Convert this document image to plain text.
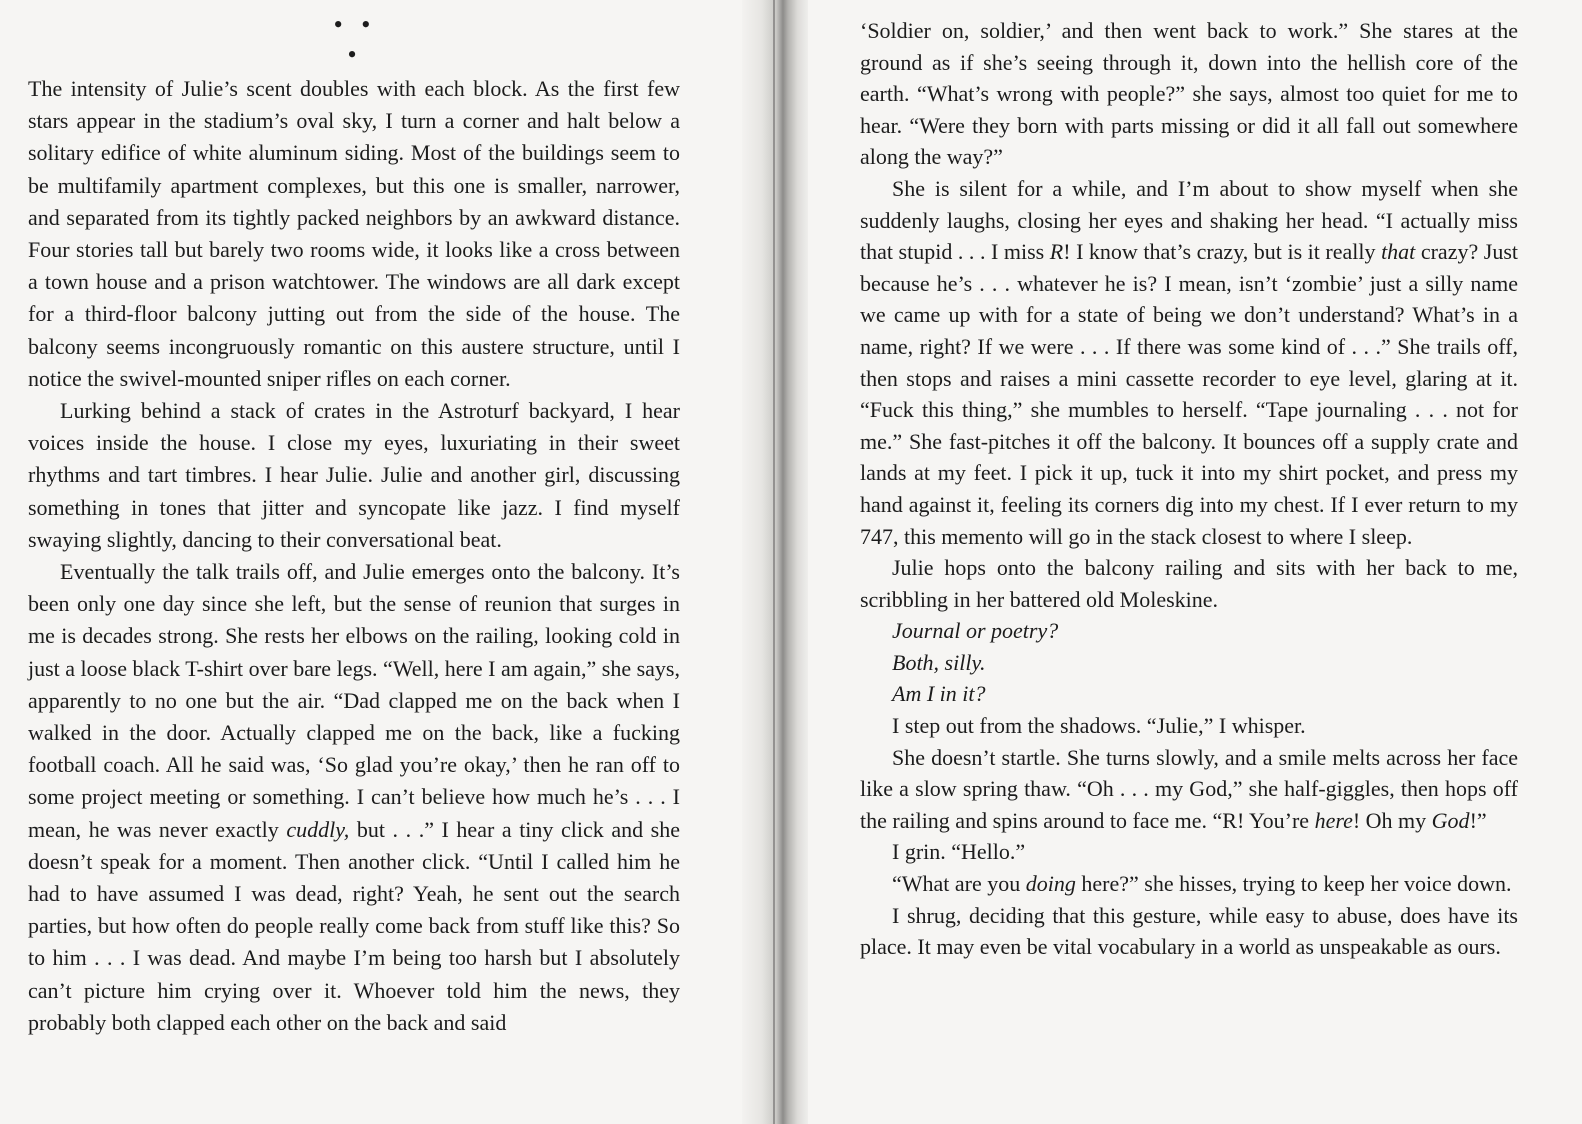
• • •

The intensity of Julie’s scent doubles with each block. As the first few stars appear in the stadium’s oval sky, I turn a corner and halt below a solitary edifice of white aluminum siding. Most of the buildings seem to be multifamily apartment complexes, but this one is smaller, narrower, and separated from its tightly packed neighbors by an awkward distance. Four stories tall but barely two rooms wide, it looks like a cross between a town house and a prison watchtower. The windows are all dark except for a third-floor balcony jutting out from the side of the house. The balcony seems incongruously romantic on this austere structure, until I notice the swivel-mounted sniper rifles on each corner.

Lurking behind a stack of crates in the Astroturf backyard, I hear voices inside the house. I close my eyes, luxuriating in their sweet rhythms and tart timbres. I hear Julie. Julie and another girl, discussing something in tones that jitter and syncopate like jazz. I find myself swaying slightly, dancing to their conversational beat.

Eventually the talk trails off, and Julie emerges onto the balcony. It’s been only one day since she left, but the sense of reunion that surges in me is decades strong. She rests her elbows on the railing, looking cold in just a loose black T-shirt over bare legs. “Well, here I am again,” she says, apparently to no one but the air. “Dad clapped me on the back when I walked in the door. Actually clapped me on the back, like a fucking football coach. All he said was, ‘So glad you’re okay,’ then he ran off to some project meeting or something. I can’t believe how much he’s . . . I mean, he was never exactly cuddly, but . . .” I hear a tiny click and she doesn’t speak for a moment. Then another click. “Until I called him he had to have assumed I was dead, right? Yeah, he sent out the search parties, but how often do people really come back from stuff like this? So to him . . . I was dead. And maybe I’m being too harsh but I absolutely can’t picture him crying over it. Whoever told him the news, they probably both clapped each other on the back and said

‘Soldier on, soldier,’ and then went back to work.” She stares at the ground as if she’s seeing through it, down into the hellish core of the earth. “What’s wrong with people?” she says, almost too quiet for me to hear. “Were they born with parts missing or did it all fall out somewhere along the way?”

She is silent for a while, and I’m about to show myself when she suddenly laughs, closing her eyes and shaking her head. “I actually miss that stupid . . . I miss R! I know that’s crazy, but is it really that crazy? Just because he’s . . . whatever he is? I mean, isn’t ‘zombie’ just a silly name we came up with for a state of being we don’t understand? What’s in a name, right? If we were . . . If there was some kind of . . .” She trails off, then stops and raises a mini cassette recorder to eye level, glaring at it. “Fuck this thing,” she mumbles to herself. “Tape journaling . . . not for me.” She fast-pitches it off the balcony. It bounces off a supply crate and lands at my feet. I pick it up, tuck it into my shirt pocket, and press my hand against it, feeling its corners dig into my chest. If I ever return to my 747, this memento will go in the stack closest to where I sleep.

Julie hops onto the balcony railing and sits with her back to me, scribbling in her battered old Moleskine.

Journal or poetry?

Both, silly.

Am I in it?

I step out from the shadows. “Julie,” I whisper.

She doesn’t startle. She turns slowly, and a smile melts across her face like a slow spring thaw. “Oh . . . my God,” she half-giggles, then hops off the railing and spins around to face me. “R! You’re here! Oh my God!”

I grin. “Hello.”

“What are you doing here?” she hisses, trying to keep her voice down.

I shrug, deciding that this gesture, while easy to abuse, does have its place. It may even be vital vocabulary in a world as unspeakable as ours.
